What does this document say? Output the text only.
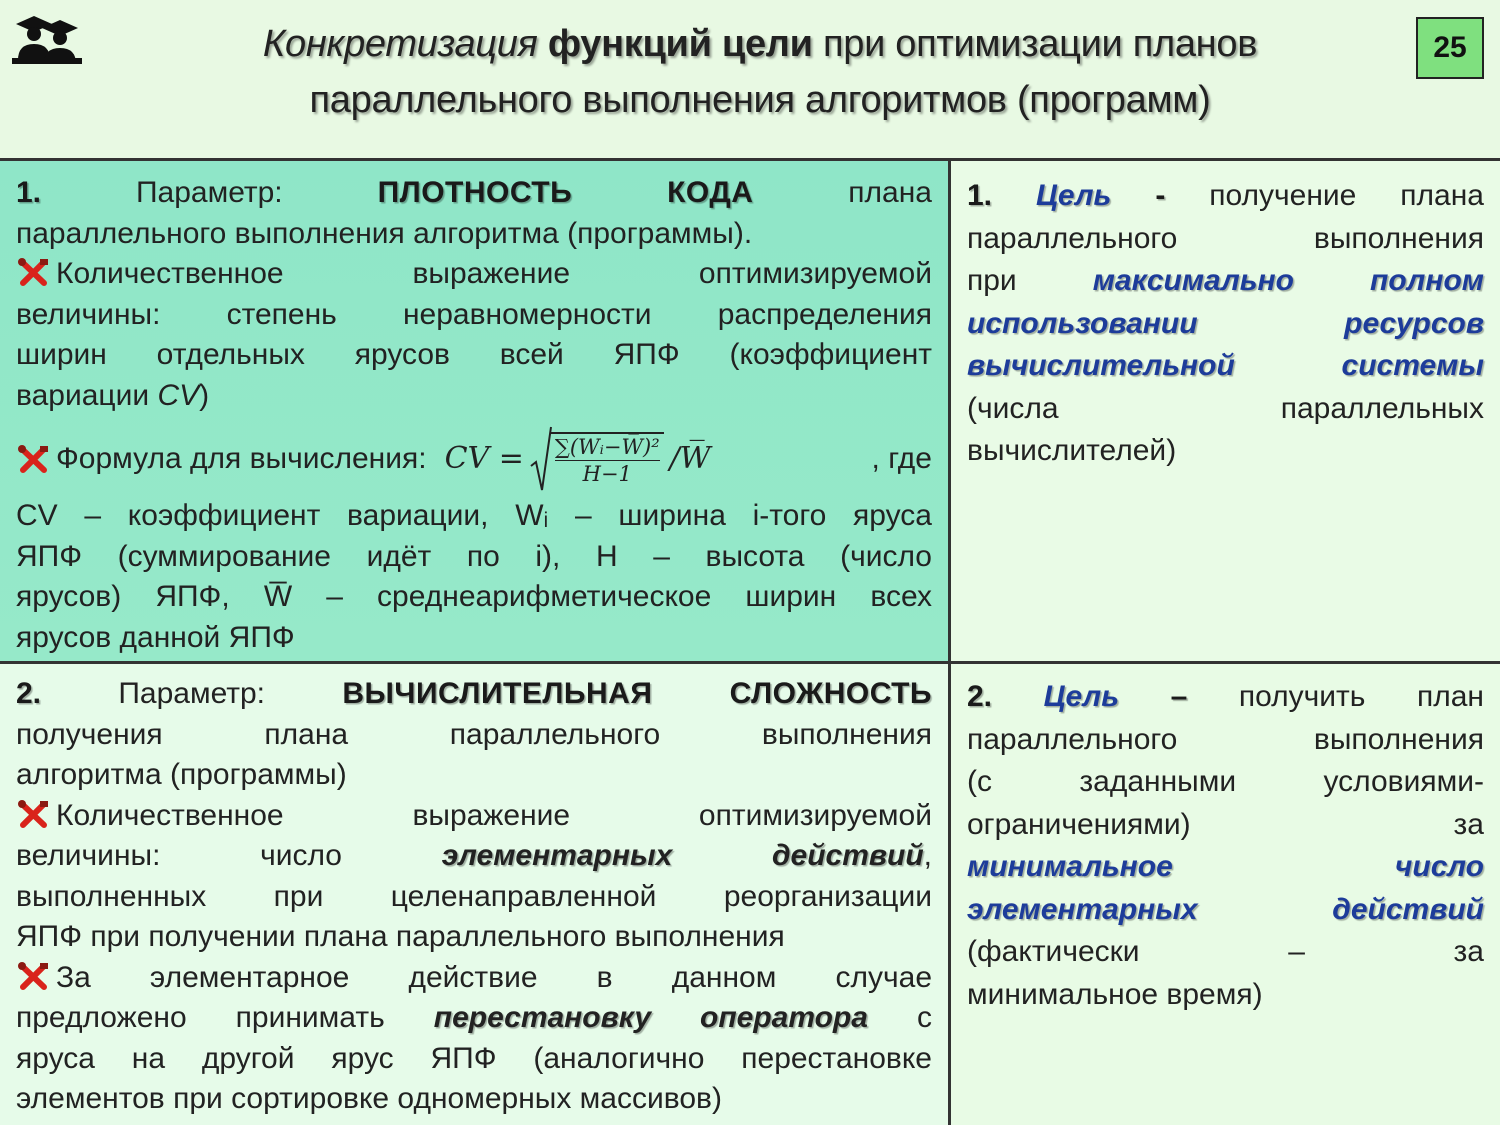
Конкретизация функций цели при оптимизации планов
параллельного выполнения алгоритмов (программ)
25
1.	Параметр:	ПЛОТНОСТЬ	КОДА	плана
параллельного выполнения алгоритма (программы).
Количественное	выражение	оптимизируемой
величины: степень неравномерности распределения
ширин отдельных ярусов всей ЯПФ (коэффициент
вариации CV)
Формула для вычисления: CV = ∑(Wᵢ−W̅)²
H−1 /W̅	, где
CV – коэффициент вариации, Wᵢ – ширина i-того яруса
ЯПФ (суммирование идёт по i), H – высота (число
ярусов) ЯПФ, W̅ – среднеарифметическое ширин всех
ярусов данной ЯПФ
1. Цель - получение плана
параллельного выполнения
при	максимально полном
использовании ресурсов
вычислительной системы
(числа параллельных
вычислителей)
2.	Параметр:	ВЫЧИСЛИТЕЛЬНАЯ	СЛОЖНОСТЬ
получения плана параллельного выполнения
алгоритма (программы)
Количественное выражение оптимизируемой
величины: число	элементарных действий,
выполненных при целенаправленной реорганизации
ЯПФ при получении плана параллельного выполнения
За элементарное действие в данном случае
предложено принимать перестановку оператора с
яруса на другой ярус ЯПФ (аналогично перестановке
элементов при сортировке одномерных массивов)
2. Цель – получить план
параллельного выполнения
(с заданными условиями-
ограничениями)	за
минимальное число
элементарных действий
(фактически	–	за
минимальное время)
